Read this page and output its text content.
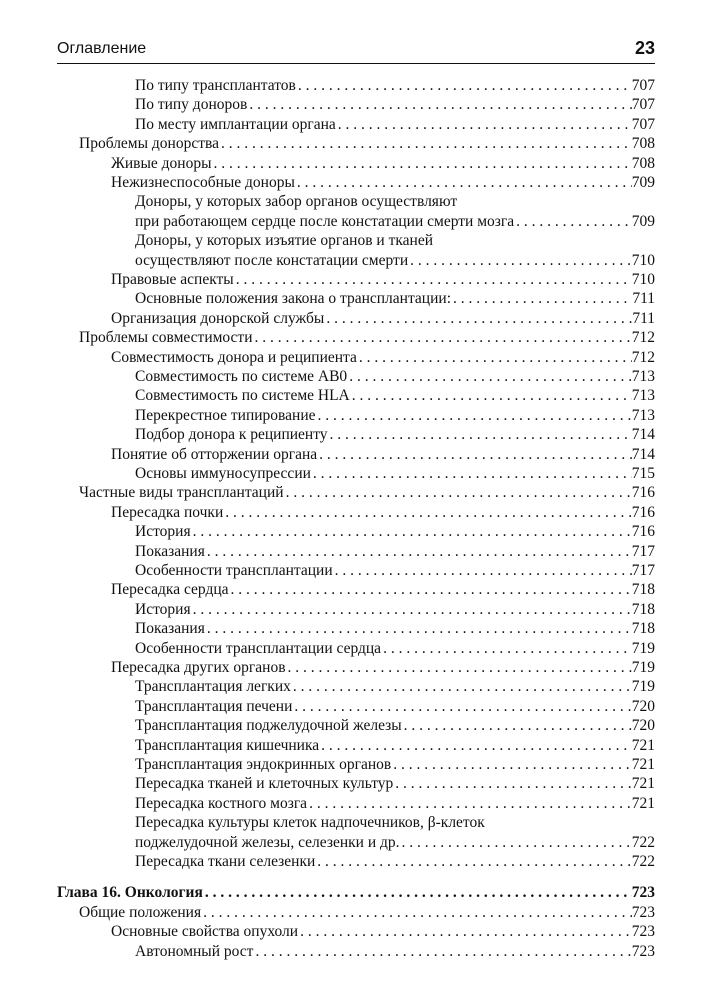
Оглавление	23
По типу трансплантатов . . .	707
По типу доноров . . .	707
По месту имплантации органа . . .	707
Проблемы донорства . . .	708
Живые доноры . . .	708
Нежизнеспособные доноры . . .	709
Доноры, у которых забор органов осуществляют
при работающем сердце после констатации смерти мозга . . .	709
Доноры, у которых изъятие органов и тканей
осуществляют после констатации смерти . . .	710
Правовые аспекты . . .	710
Основные положения закона о трансплантации: . . .	711
Организация донорской службы . . .	711
Проблемы совместимости . . .	712
Совместимость донора и реципиента . . .	712
Совместимость по системе АВ0 . . .	713
Совместимость по системе HLA . . .	713
Перекрестное типирование . . .	713
Подбор донора к реципиенту . . .	714
Понятие об отторжении органа . . .	714
Основы иммуносупрессии . . .	715
Частные виды трансплантаций . . .	716
Пересадка почки . . .	716
История . . .	716
Показания . . .	717
Особенности трансплантации . . .	717
Пересадка сердца . . .	718
История . . .	718
Показания . . .	718
Особенности трансплантации сердца . . .	719
Пересадка других органов . . .	719
Трансплантация легких . . .	719
Трансплантация печени . . .	720
Трансплантация поджелудочной железы . . .	720
Трансплантация кишечника . . .	721
Трансплантация эндокринных органов . . .	721
Пересадка тканей и клеточных культур . . .	721
Пересадка костного мозга . . .	721
Пересадка культуры клеток надпочечников, β-клеток
поджелудочной железы, селезенки и др. . . .	722
Пересадка ткани селезенки . . .	722
Глава 16. Онкология . . .	723
Общие положения . . .	723
Основные свойства опухоли . . .	723
Автономный рост . . .	723
